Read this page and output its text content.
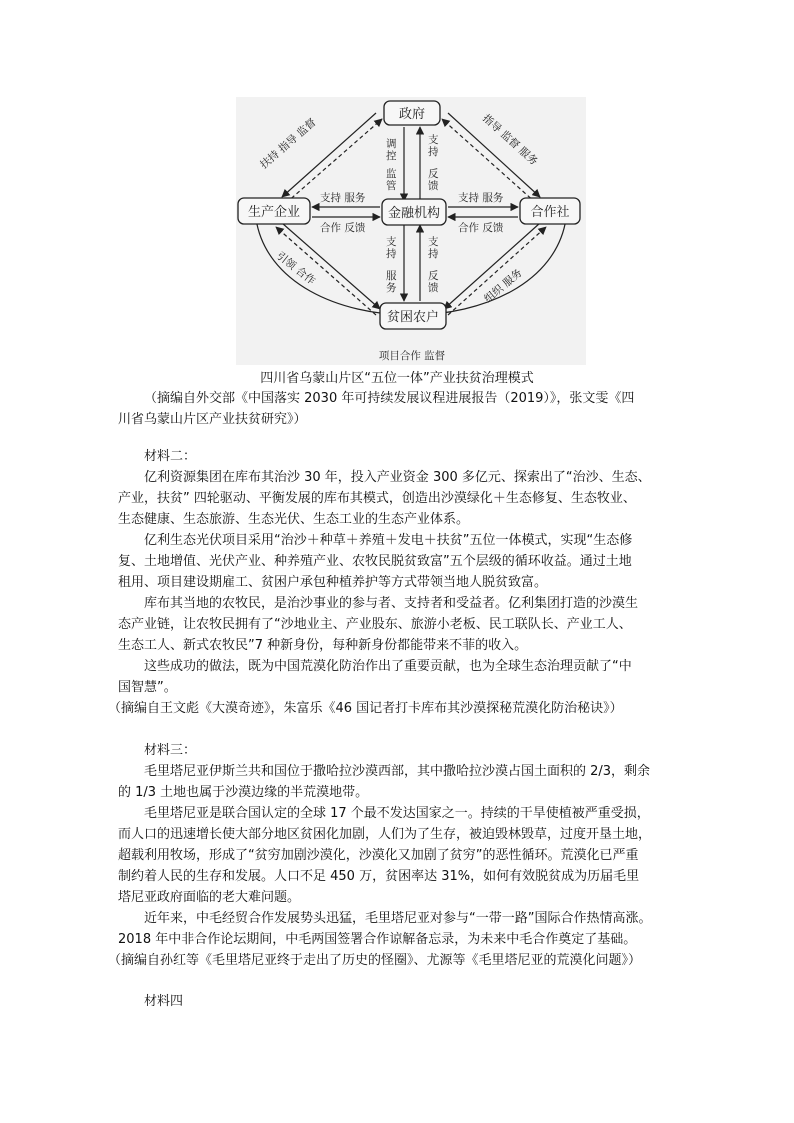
政府
生产企业	金融机构	合作社
贫困农户
扶持 指导 监督	指导 监督 服务
调
控
监
管
支
持
反
馈
支持 服务
合作 反馈
支持 服务
合作 反馈
支
持
服
务
支
持
反
馈
引领 合作	组织 服务
项目合作 监督
四川省乌蒙山片区“五位一体”产业扶贫治理模式

（摘编自外交部《中国落实 2030 年可持续发展议程进展报告（2019）》，张文雯《四

川省乌蒙山片区产业扶贫研究》）

材料二：

亿利资源集团在库布其治沙 30 年，投入产业资金 300 多亿元、探索出了“治沙、生态、

产业，扶贫” 四轮驱动、平衡发展的库布其模式，创造出沙漠绿化＋生态修复、生态牧业、

生态健康、生态旅游、生态光伏、生态工业的生态产业体系。

亿利生态光伏项目采用“治沙＋种草＋养殖＋发电＋扶贫”五位一体模式，实现“生态修

复、土地增值、光伏产业、种养殖产业、农牧民脱贫致富”五个层级的循环收益。通过土地

租用、项目建设期雇工、贫困户承包种植养护等方式带领当地人脱贫致富。

库布其当地的农牧民，是治沙事业的参与者、支持者和受益者。亿利集团打造的沙漠生

态产业链，让农牧民拥有了“沙地业主、产业股东、旅游小老板、民工联队长、产业工人、

生态工人、新式农牧民”7 种新身份，每种新身份都能带来不菲的收入。

这些成功的做法，既为中国荒漠化防治作出了重要贡献，也为全球生态治理贡献了“中

国智慧”。

（摘编自王文彪《大漠奇迹》，朱富乐《46 国记者打卡库布其沙漠探秘荒漠化防治秘诀》）

材料三：

毛里塔尼亚伊斯兰共和国位于撒哈拉沙漠西部，其中撒哈拉沙漠占国土面积的 2/3，剩余

的 1/3 土地也属于沙漠边缘的半荒漠地带。

毛里塔尼亚是联合国认定的全球 17 个最不发达国家之一。持续的干旱使植被严重受损，

而人口的迅速增长使大部分地区贫困化加剧，人们为了生存，被迫毁林毁草，过度开垦土地，

超载利用牧场，形成了“贫穷加剧沙漠化，沙漠化又加剧了贫穷”的恶性循环。荒漠化已严重

制约着人民的生存和发展。人口不足 450 万，贫困率达 31%，如何有效脱贫成为历届毛里

塔尼亚政府面临的老大难问题。

近年来，中毛经贸合作发展势头迅猛，毛里塔尼亚对参与“一带一路”国际合作热情高涨。

2018 年中非合作论坛期间，中毛两国签署合作谅解备忘录，为未来中毛合作奠定了基础。

（摘编自孙红等《毛里塔尼亚终于走出了历史的怪圈》、尤源等《毛里塔尼亚的荒漠化问题》）

材料四
